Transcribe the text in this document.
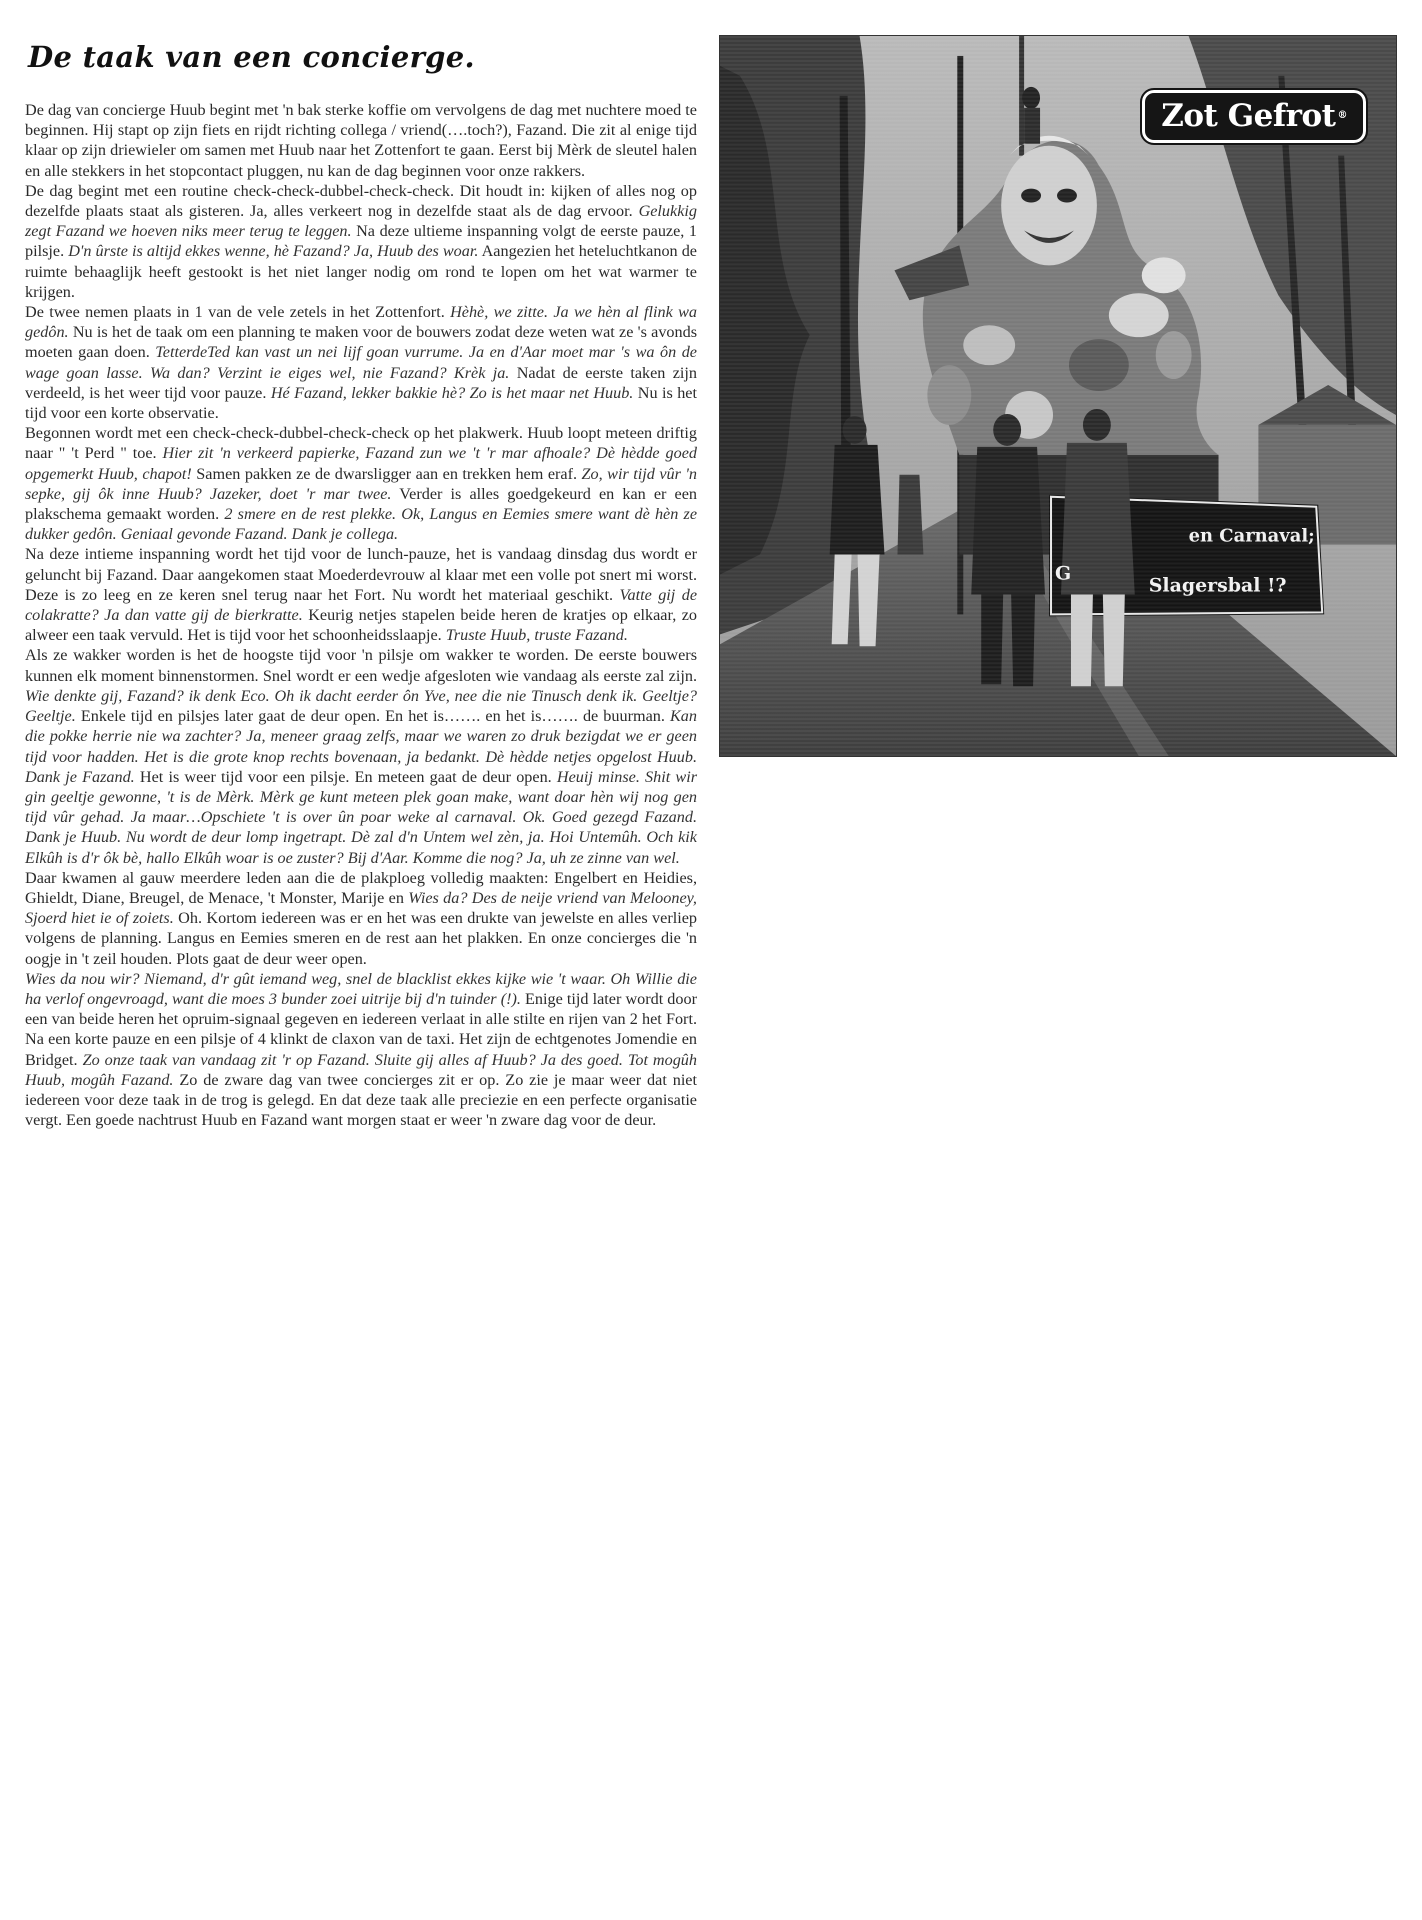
De taak van een concierge.

De dag van concierge Huub begint met 'n bak sterke koffie om vervolgens de dag met nuchtere moed te beginnen. Hij stapt op zijn fiets en rijdt richting collega / vriend(….toch?), Fazand. Die zit al enige tijd klaar op zijn driewieler om samen met Huub naar het Zottenfort te gaan. Eerst bij Mèrk de sleutel halen en alle stekkers in het stopcontact pluggen, nu kan de dag beginnen voor onze rakkers.

De dag begint met een routine check-check-dubbel-check-check. Dit houdt in: kijken of alles nog op dezelfde plaats staat als gisteren. Ja, alles verkeert nog in dezelfde staat als de dag ervoor. Gelukkig zegt Fazand we hoeven niks meer terug te leggen. Na deze ultieme inspanning volgt de eerste pauze, 1 pilsje. D'n ûrste is altijd ekkes wenne, hè Fazand? Ja, Huub des woar. Aangezien het heteluchtkanon de ruimte behaaglijk heeft gestookt is het niet langer nodig om rond te lopen om het wat warmer te krijgen.

De twee nemen plaats in 1 van de vele zetels in het Zottenfort. Hèhè, we zitte. Ja we hèn al flink wa gedôn. Nu is het de taak om een planning te maken voor de bouwers zodat deze weten wat ze 's avonds moeten gaan doen. TetterdeTed kan vast un nei lijf goan vurrume. Ja en d'Aar moet mar 's wa ôn de wage goan lasse. Wa dan? Verzint ie eiges wel, nie Fazand? Krèk ja. Nadat de eerste taken zijn verdeeld, is het weer tijd voor pauze. Hé Fazand, lekker bakkie hè? Zo is het maar net Huub. Nu is het tijd voor een korte observatie.

Begonnen wordt met een check-check-dubbel-check-check op het plakwerk. Huub loopt meteen driftig naar " 't Perd " toe. Hier zit 'n verkeerd papierke, Fazand zun we 't 'r mar afhoale? Dè hèdde goed opgemerkt Huub, chapot! Samen pakken ze de dwarsligger aan en trekken hem eraf. Zo, wir tijd vûr 'n sepke, gij ôk inne Huub? Jazeker, doet 'r mar twee. Verder is alles goedgekeurd en kan er een plakschema gemaakt worden. 2 smere en de rest plekke. Ok, Langus en Eemies smere want dè hèn ze dukker gedôn. Geniaal gevonde Fazand. Dank je collega.

Na deze intieme inspanning wordt het tijd voor de lunch-pauze, het is vandaag dinsdag dus wordt er geluncht bij Fazand. Daar aangekomen staat Moederdevrouw al klaar met een volle pot snert mi worst. Deze is zo leeg en ze keren snel terug naar het Fort. Nu wordt het materiaal geschikt. Vatte gij de colakratte? Ja dan vatte gij de bierkratte. Keurig netjes stapelen beide heren de kratjes op elkaar, zo alweer een taak vervuld. Het is tijd voor het schoonheidsslaapje. Truste Huub, truste Fazand.

Als ze wakker worden is het de hoogste tijd voor 'n pilsje om wakker te worden. De eerste bouwers kunnen elk moment binnenstormen. Snel wordt er een wedje afgesloten wie vandaag als eerste zal zijn. Wie denkte gij, Fazand? ik denk Eco. Oh ik dacht eerder ôn Yve, nee die nie Tinusch denk ik. Geeltje? Geeltje. Enkele tijd en pilsjes later gaat de deur open. En het is……. en het is……. de buurman. Kan die pokke herrie nie wa zachter? Ja, meneer graag zelfs, maar we waren zo druk bezigdat we er geen tijd voor hadden. Het is die grote knop rechts bovenaan, ja bedankt. Dè hèdde netjes opgelost Huub. Dank je Fazand. Het is weer tijd voor een pilsje. En meteen gaat de deur open. Heuij minse. Shit wir gin geeltje gewonne, 't is de Mèrk. Mèrk ge kunt meteen plek goan make, want doar hèn wij nog gen tijd vûr gehad. Ja maar…Opschiete 't is over ûn poar weke al carnaval. Ok. Goed gezegd Fazand. Dank je Huub. Nu wordt de deur lomp ingetrapt. Dè zal d'n Untem wel zèn, ja. Hoi Untemûh. Och kik Elkûh is d'r ôk bè, hallo Elkûh woar is oe zuster? Bij d'Aar. Komme die nog? Ja, uh ze zinne van wel.

Daar kwamen al gauw meerdere leden aan die de plakploeg volledig maakten: Engelbert en Heidies, Ghieldt, Diane, Breugel, de Menace, 't Monster, Marije en Wies da? Des de neije vriend van Melooney, Sjoerd hiet ie of zoiets. Oh. Kortom iedereen was er en het was een drukte van jewelste en alles verliep volgens de planning. Langus en Eemies smeren en de rest aan het plakken. En onze concierges die 'n oogje in 't zeil houden. Plots gaat de deur weer open.

Wies da nou wir? Niemand, d'r gût iemand weg, snel de blacklist ekkes kijke wie 't waar. Oh Willie die ha verlof ongevroagd, want die moes 3 bunder zoei uitrije bij d'n tuinder (!). Enige tijd later wordt door een van beide heren het opruim-signaal gegeven en iedereen verlaat in alle stilte en rijen van 2 het Fort. Na een korte pauze en een pilsje of 4 klinkt de claxon van de taxi. Het zijn de echtgenotes Jomendie en Bridget. Zo onze taak van vandaag zit 'r op Fazand. Sluite gij alles af Huub? Ja des goed. Tot mogûh Huub, mogûh Fazand. Zo de zware dag van twee concierges zit er op. Zo zie je maar weer dat niet iedereen voor deze taak in de trog is gelegd. En dat deze taak alle preciezie en een perfecte organisatie vergt. Een goede nachtrust Huub en Fazand want morgen staat er weer 'n zware dag voor de deur.

en Carnaval;
Slagersbal !?
G
Zot Gefrot ®
